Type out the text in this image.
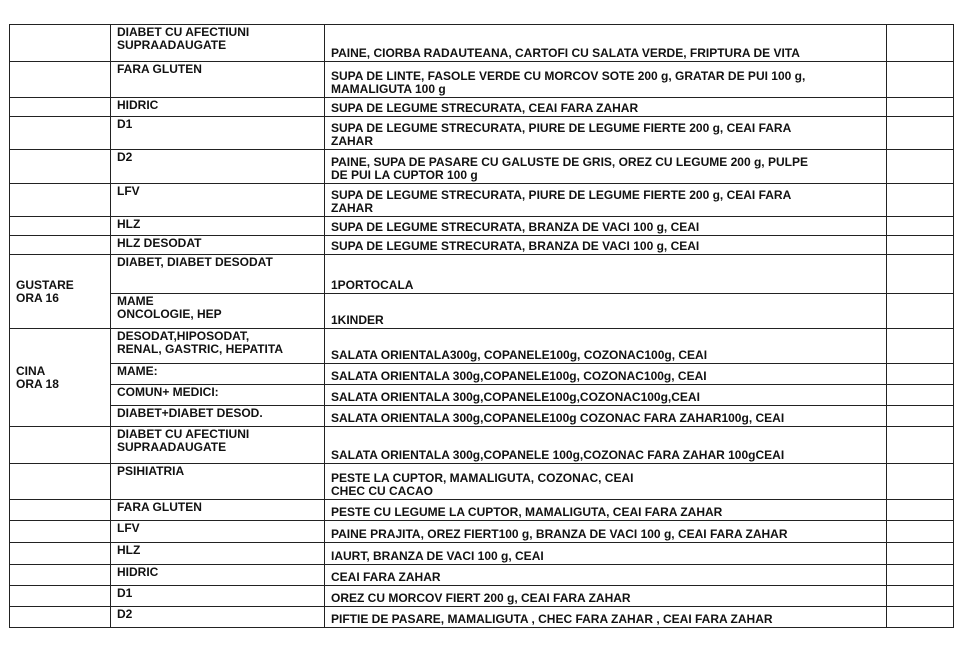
	DIABET CU AFECTIUNI
SUPRAADAUGATE	PAINE, CIORBA RADAUTEANA, CARTOFI CU SALATA VERDE, FRIPTURA DE VITA	
	FARA GLUTEN	SUPA DE LINTE, FASOLE VERDE CU MORCOV SOTE 200 g, GRATAR DE PUI 100 g,
MAMALIGUTA 100 g	
	HIDRIC	SUPA DE LEGUME STRECURATA, CEAI FARA ZAHAR	
	D1	SUPA DE LEGUME STRECURATA, PIURE DE LEGUME FIERTE 200 g, CEAI FARA
ZAHAR	
	D2	PAINE, SUPA DE PASARE CU GALUSTE DE GRIS, OREZ CU LEGUME 200 g, PULPE
DE PUI LA CUPTOR 100 g	
	LFV	SUPA DE LEGUME STRECURATA, PIURE DE LEGUME FIERTE 200 g, CEAI FARA
ZAHAR	
	HLZ	SUPA DE LEGUME STRECURATA, BRANZA DE VACI 100 g, CEAI	
	HLZ DESODAT	SUPA DE LEGUME STRECURATA, BRANZA DE VACI 100 g, CEAI	
GUSTARE
ORA 16	DIABET, DIABET DESODAT	1PORTOCALA	
	MAME
ONCOLOGIE, HEP	1KINDER	
CINA
ORA 18	DESODAT,HIPOSODAT,
RENAL, GASTRIC, HEPATITA	SALATA ORIENTALA300g, COPANELE100g, COZONAC100g, CEAI	
	MAME:	SALATA ORIENTALA 300g,COPANELE100g, COZONAC100g, CEAI	
	COMUN+ MEDICI:	SALATA ORIENTALA 300g,COPANELE100g,COZONAC100g,CEAI	
	DIABET+DIABET DESOD.	SALATA ORIENTALA 300g,COPANELE100g COZONAC FARA ZAHAR100g, CEAI	
	DIABET CU AFECTIUNI
SUPRAADAUGATE	SALATA ORIENTALA 300g,COPANELE 100g,COZONAC FARA ZAHAR 100gCEAI	
	PSIHIATRIA	PESTE LA CUPTOR, MAMALIGUTA, COZONAC, CEAI
CHEC CU CACAO	
	FARA GLUTEN	PESTE CU LEGUME LA CUPTOR, MAMALIGUTA, CEAI FARA ZAHAR	
	LFV	PAINE PRAJITA, OREZ FIERT100 g, BRANZA DE VACI 100 g, CEAI FARA ZAHAR	
	HLZ	IAURT, BRANZA DE VACI 100 g, CEAI	
	HIDRIC	CEAI FARA ZAHAR	
	D1	OREZ CU MORCOV FIERT 200 g, CEAI FARA ZAHAR	
	D2	PIFTIE DE PASARE, MAMALIGUTA , CHEC FARA ZAHAR , CEAI FARA ZAHAR	
